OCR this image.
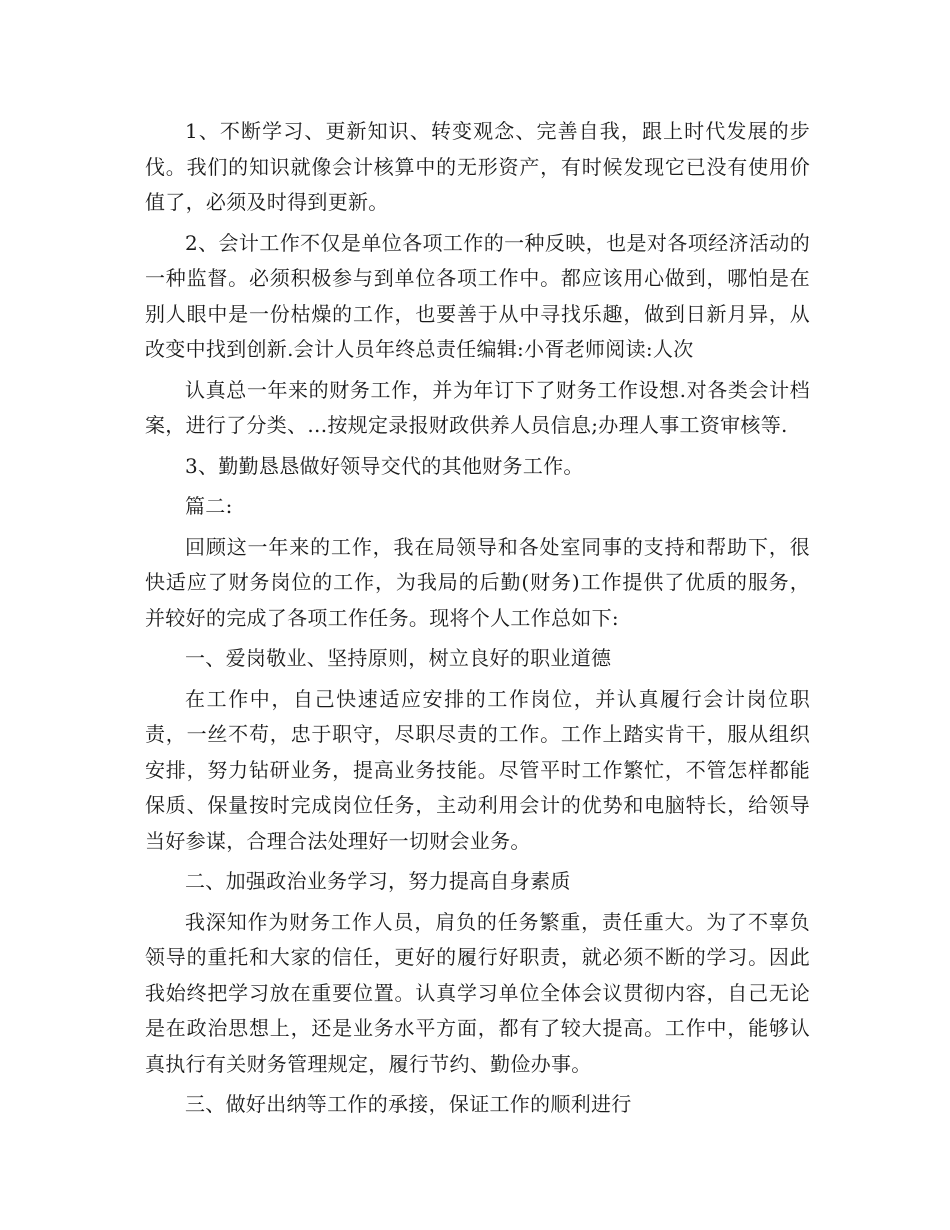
1、不断学习、更新知识、转变观念、完善自我，跟上时代发展的步伐。我们的知识就像会计核算中的无形资产，有时候发现它已没有使用价值了，必须及时得到更新。

2、会计工作不仅是单位各项工作的一种反映，也是对各项经济活动的一种监督。必须积极参与到单位各项工作中。都应该用心做到，哪怕是在别人眼中是一份枯燥的工作，也要善于从中寻找乐趣，做到日新月异，从改变中找到创新.会计人员年终总责任编辑:小胥老师阅读:人次

认真总一年来的财务工作，并为年订下了财务工作设想.对各类会计档案，进行了分类、...按规定录报财政供养人员信息;办理人事工资审核等.

3、勤勤恳恳做好领导交代的其他财务工作。

篇二:

回顾这一年来的工作，我在局领导和各处室同事的支持和帮助下，很快适应了财务岗位的工作，为我局的后勤(财务)工作提供了优质的服务，并较好的完成了各项工作任务。现将个人工作总如下:

一、爱岗敬业、坚持原则，树立良好的职业道德

在工作中，自己快速适应安排的工作岗位，并认真履行会计岗位职责，一丝不苟，忠于职守，尽职尽责的工作。工作上踏实肯干，服从组织安排，努力钻研业务，提高业务技能。尽管平时工作繁忙，不管怎样都能保质、保量按时完成岗位任务，主动利用会计的优势和电脑特长，给领导当好参谋，合理合法处理好一切财会业务。

二、加强政治业务学习，努力提高自身素质

我深知作为财务工作人员，肩负的任务繁重，责任重大。为了不辜负领导的重托和大家的信任，更好的履行好职责，就必须不断的学习。因此我始终把学习放在重要位置。认真学习单位全体会议贯彻内容，自己无论是在政治思想上，还是业务水平方面，都有了较大提高。工作中，能够认真执行有关财务管理规定，履行节约、勤俭办事。

三、做好出纳等工作的承接，保证工作的顺利进行
